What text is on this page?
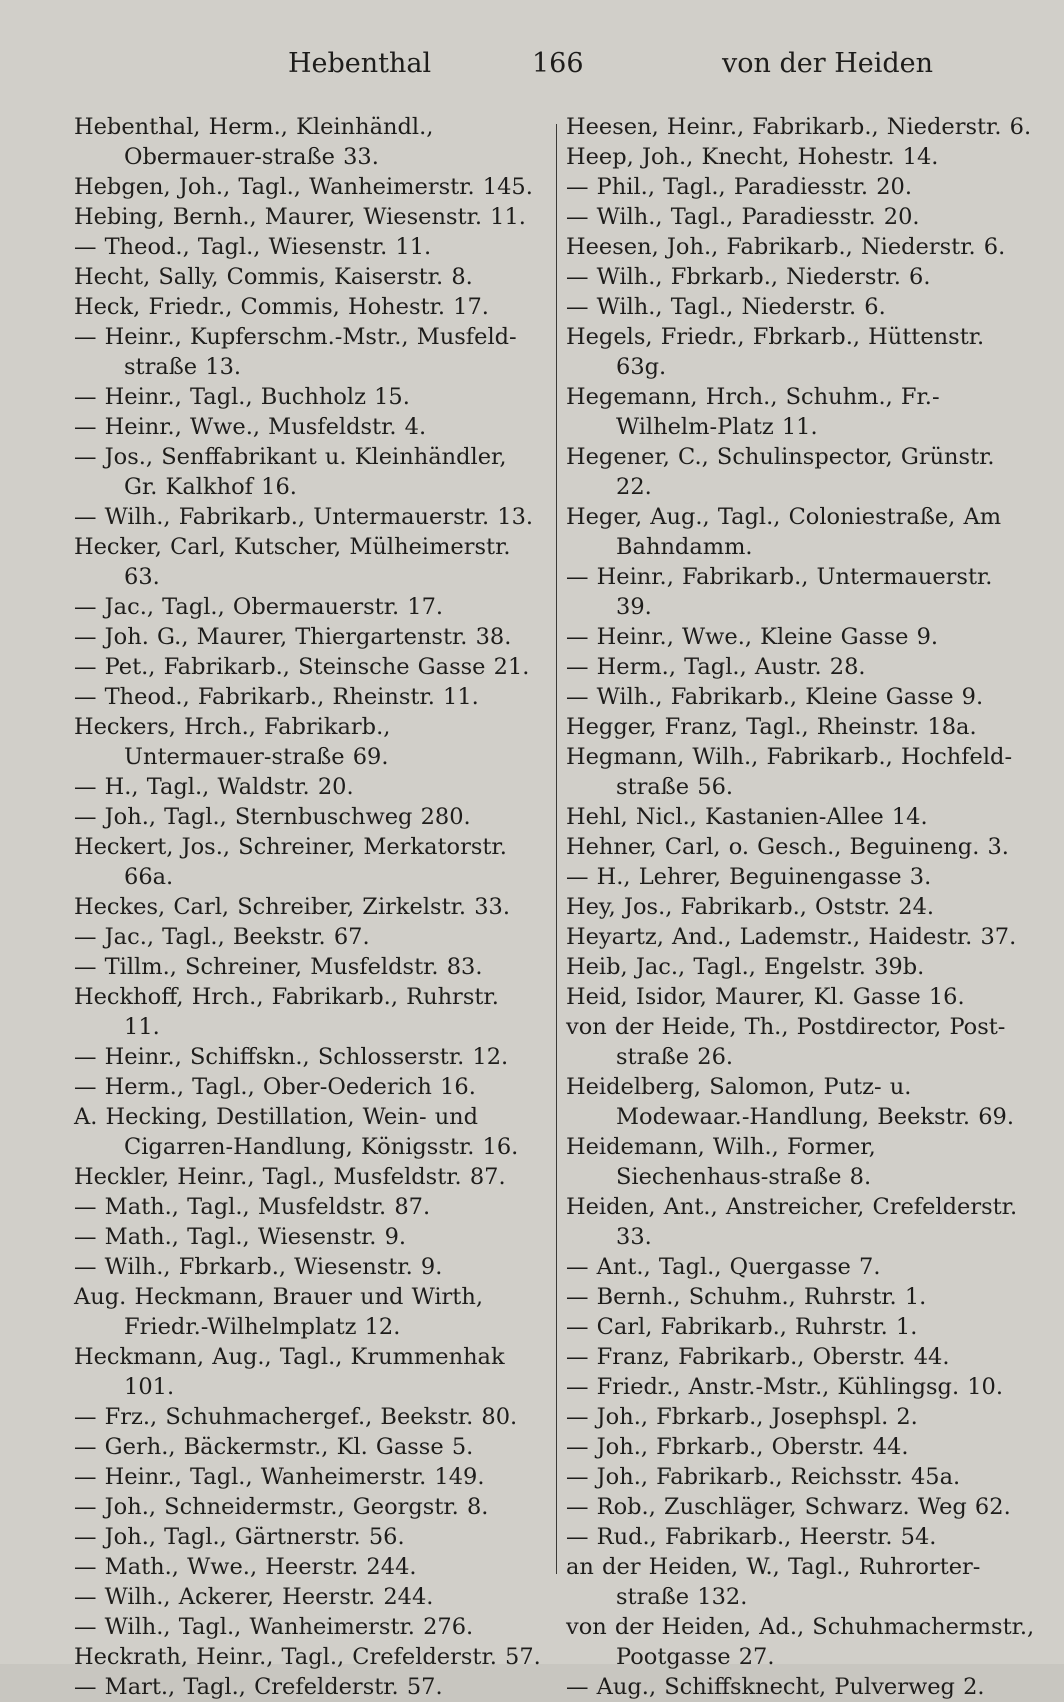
Hebenthal	166	von der Heiden

Hebenthal, Herm., Kleinhändl., Obermauer-straße 33.

Hebgen, Joh., Tagl., Wanheimerstr. 145.

Hebing, Bernh., Maurer, Wiesenstr. 11.

— Theod., Tagl., Wiesenstr. 11.

Hecht, Sally, Commis, Kaiserstr. 8.

Heck, Friedr., Commis, Hohestr. 17.

— Heinr., Kupferschm.-Mstr., Musfeld-straße 13.

— Heinr., Tagl., Buchholz 15.

— Heinr., Wwe., Musfeldstr. 4.

— Jos., Senffabrikant u. Kleinhändler, Gr. Kalkhof 16.

— Wilh., Fabrikarb., Untermauerstr. 13.

Hecker, Carl, Kutscher, Mülheimerstr. 63.

— Jac., Tagl., Obermauerstr. 17.

— Joh. G., Maurer, Thiergartenstr. 38.

— Pet., Fabrikarb., Steinsche Gasse 21.

— Theod., Fabrikarb., Rheinstr. 11.

Heckers, Hrch., Fabrikarb., Untermauer-straße 69.

— H., Tagl., Waldstr. 20.

— Joh., Tagl., Sternbuschweg 280.

Heckert, Jos., Schreiner, Merkatorstr. 66a.

Heckes, Carl, Schreiber, Zirkelstr. 33.

— Jac., Tagl., Beekstr. 67.

— Tillm., Schreiner, Musfeldstr. 83.

Heckhoff, Hrch., Fabrikarb., Ruhrstr. 11.

— Heinr., Schiffskn., Schlosserstr. 12.

— Herm., Tagl., Ober-Oederich 16.

A. Hecking, Destillation, Wein- und Cigarren-Handlung, Königsstr. 16.

Heckler, Heinr., Tagl., Musfeldstr. 87.

— Math., Tagl., Musfeldstr. 87.

— Math., Tagl., Wiesenstr. 9.

— Wilh., Fbrkarb., Wiesenstr. 9.

Aug. Heckmann, Brauer und Wirth, Friedr.-Wilhelmplatz 12.

Heckmann, Aug., Tagl., Krummenhak 101.

— Frz., Schuhmachergef., Beekstr. 80.

— Gerh., Bäckermstr., Kl. Gasse 5.

— Heinr., Tagl., Wanheimerstr. 149.

— Joh., Schneidermstr., Georgstr. 8.

— Joh., Tagl., Gärtnerstr. 56.

— Math., Wwe., Heerstr. 244.

— Wilh., Ackerer, Heerstr. 244.

— Wilh., Tagl., Wanheimerstr. 276.

Heckrath, Heinr., Tagl., Crefelderstr. 57.

— Mart., Tagl., Crefelderstr. 57.

Heesen, Heinr., Fabrikarb., Niederstr. 6.

Heep, Joh., Knecht, Hohestr. 14.

— Phil., Tagl., Paradiesstr. 20.

— Wilh., Tagl., Paradiesstr. 20.

Heesen, Joh., Fabrikarb., Niederstr. 6.

— Wilh., Fbrkarb., Niederstr. 6.

— Wilh., Tagl., Niederstr. 6.

Hegels, Friedr., Fbrkarb., Hüttenstr. 63g.

Hegemann, Hrch., Schuhm., Fr.-Wilhelm-Platz 11.

Hegener, C., Schulinspector, Grünstr. 22.

Heger, Aug., Tagl., Coloniestraße, Am Bahndamm.

— Heinr., Fabrikarb., Untermauerstr. 39.

— Heinr., Wwe., Kleine Gasse 9.

— Herm., Tagl., Austr. 28.

— Wilh., Fabrikarb., Kleine Gasse 9.

Hegger, Franz, Tagl., Rheinstr. 18a.

Hegmann, Wilh., Fabrikarb., Hochfeld-straße 56.

Hehl, Nicl., Kastanien-Allee 14.

Hehner, Carl, o. Gesch., Beguineng. 3.

— H., Lehrer, Beguinengasse 3.

Hey, Jos., Fabrikarb., Oststr. 24.

Heyartz, And., Lademstr., Haidestr. 37.

Heib, Jac., Tagl., Engelstr. 39b.

Heid, Isidor, Maurer, Kl. Gasse 16.

von der Heide, Th., Postdirector, Post-straße 26.

Heidelberg, Salomon, Putz- u. Modewaar.-Handlung, Beekstr. 69.

Heidemann, Wilh., Former, Siechenhaus-straße 8.

Heiden, Ant., Anstreicher, Crefelderstr. 33.

— Ant., Tagl., Quergasse 7.

— Bernh., Schuhm., Ruhrstr. 1.

— Carl, Fabrikarb., Ruhrstr. 1.

— Franz, Fabrikarb., Oberstr. 44.

— Friedr., Anstr.-Mstr., Kühlingsg. 10.

— Joh., Fbrkarb., Josephspl. 2.

— Joh., Fbrkarb., Oberstr. 44.

— Joh., Fabrikarb., Reichsstr. 45a.

— Rob., Zuschläger, Schwarz. Weg 62.

— Rud., Fabrikarb., Heerstr. 54.

an der Heiden, W., Tagl., Ruhrorter-straße 132.

von der Heiden, Ad., Schuhmachermstr., Pootgasse 27.

— Aug., Schiffsknecht, Pulverweg 2.
